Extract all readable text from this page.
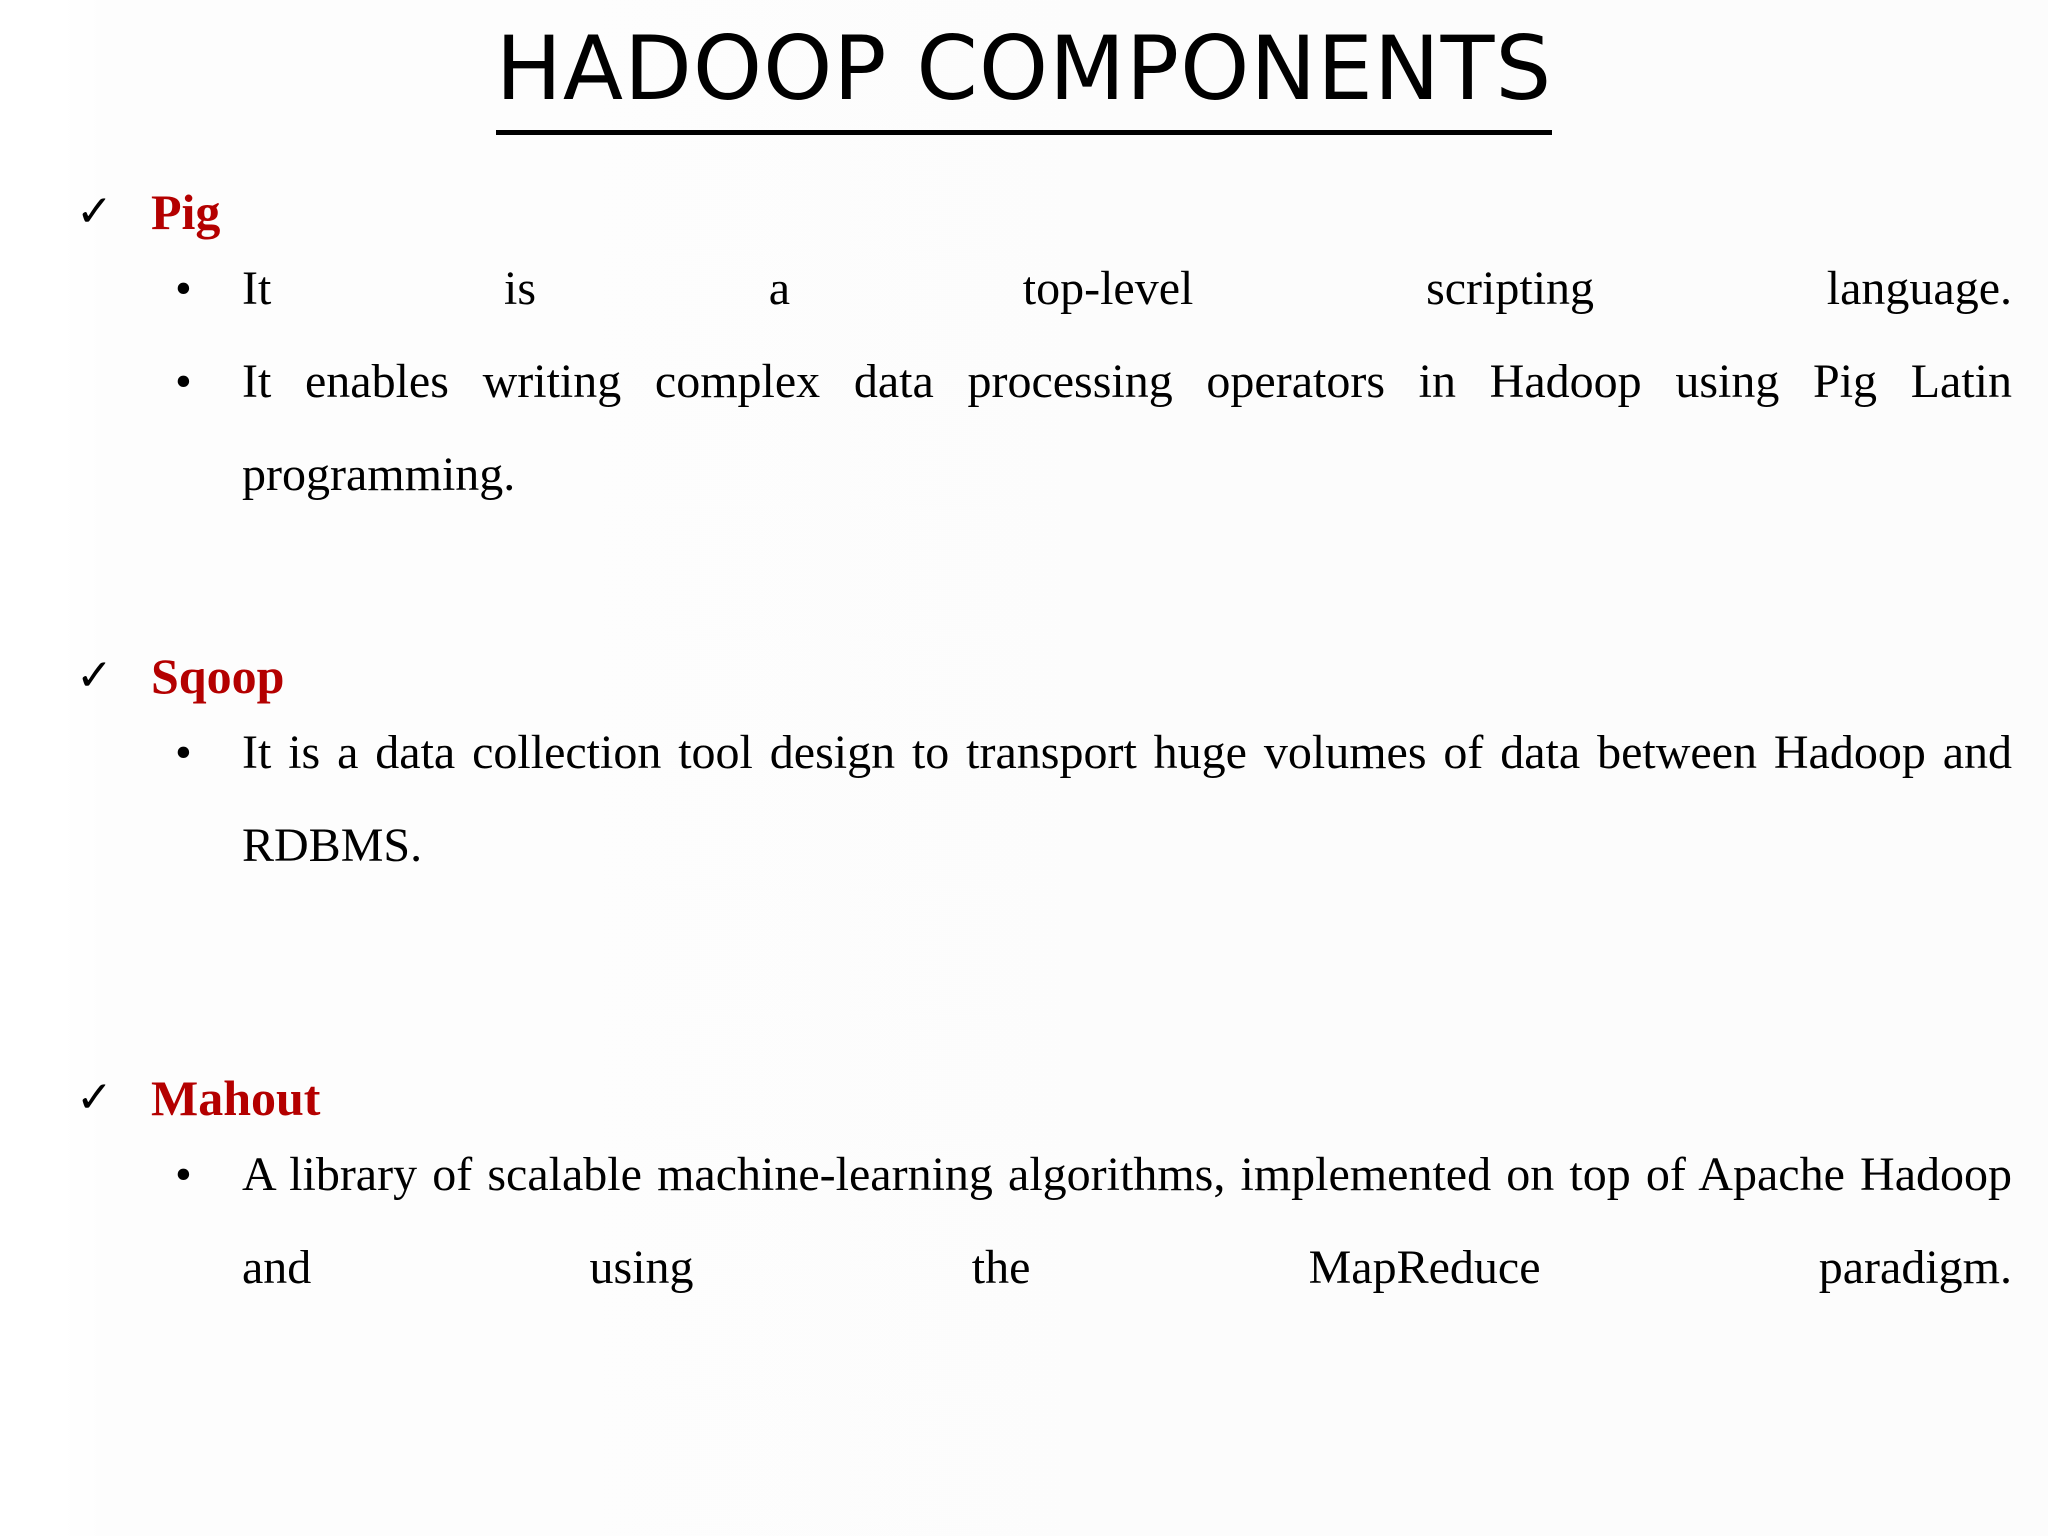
HADOOP COMPONENTS
✓ Pig
• It is a top-level scripting language.
• It enables writing complex data processing operators in Hadoop using Pig Latin programming.
✓ Sqoop
• It is a data collection tool design to transport huge volumes of data between Hadoop and RDBMS.
✓ Mahout
• A library of scalable machine-learning algorithms, implemented on top of Apache Hadoop and using the MapReduce paradigm.
